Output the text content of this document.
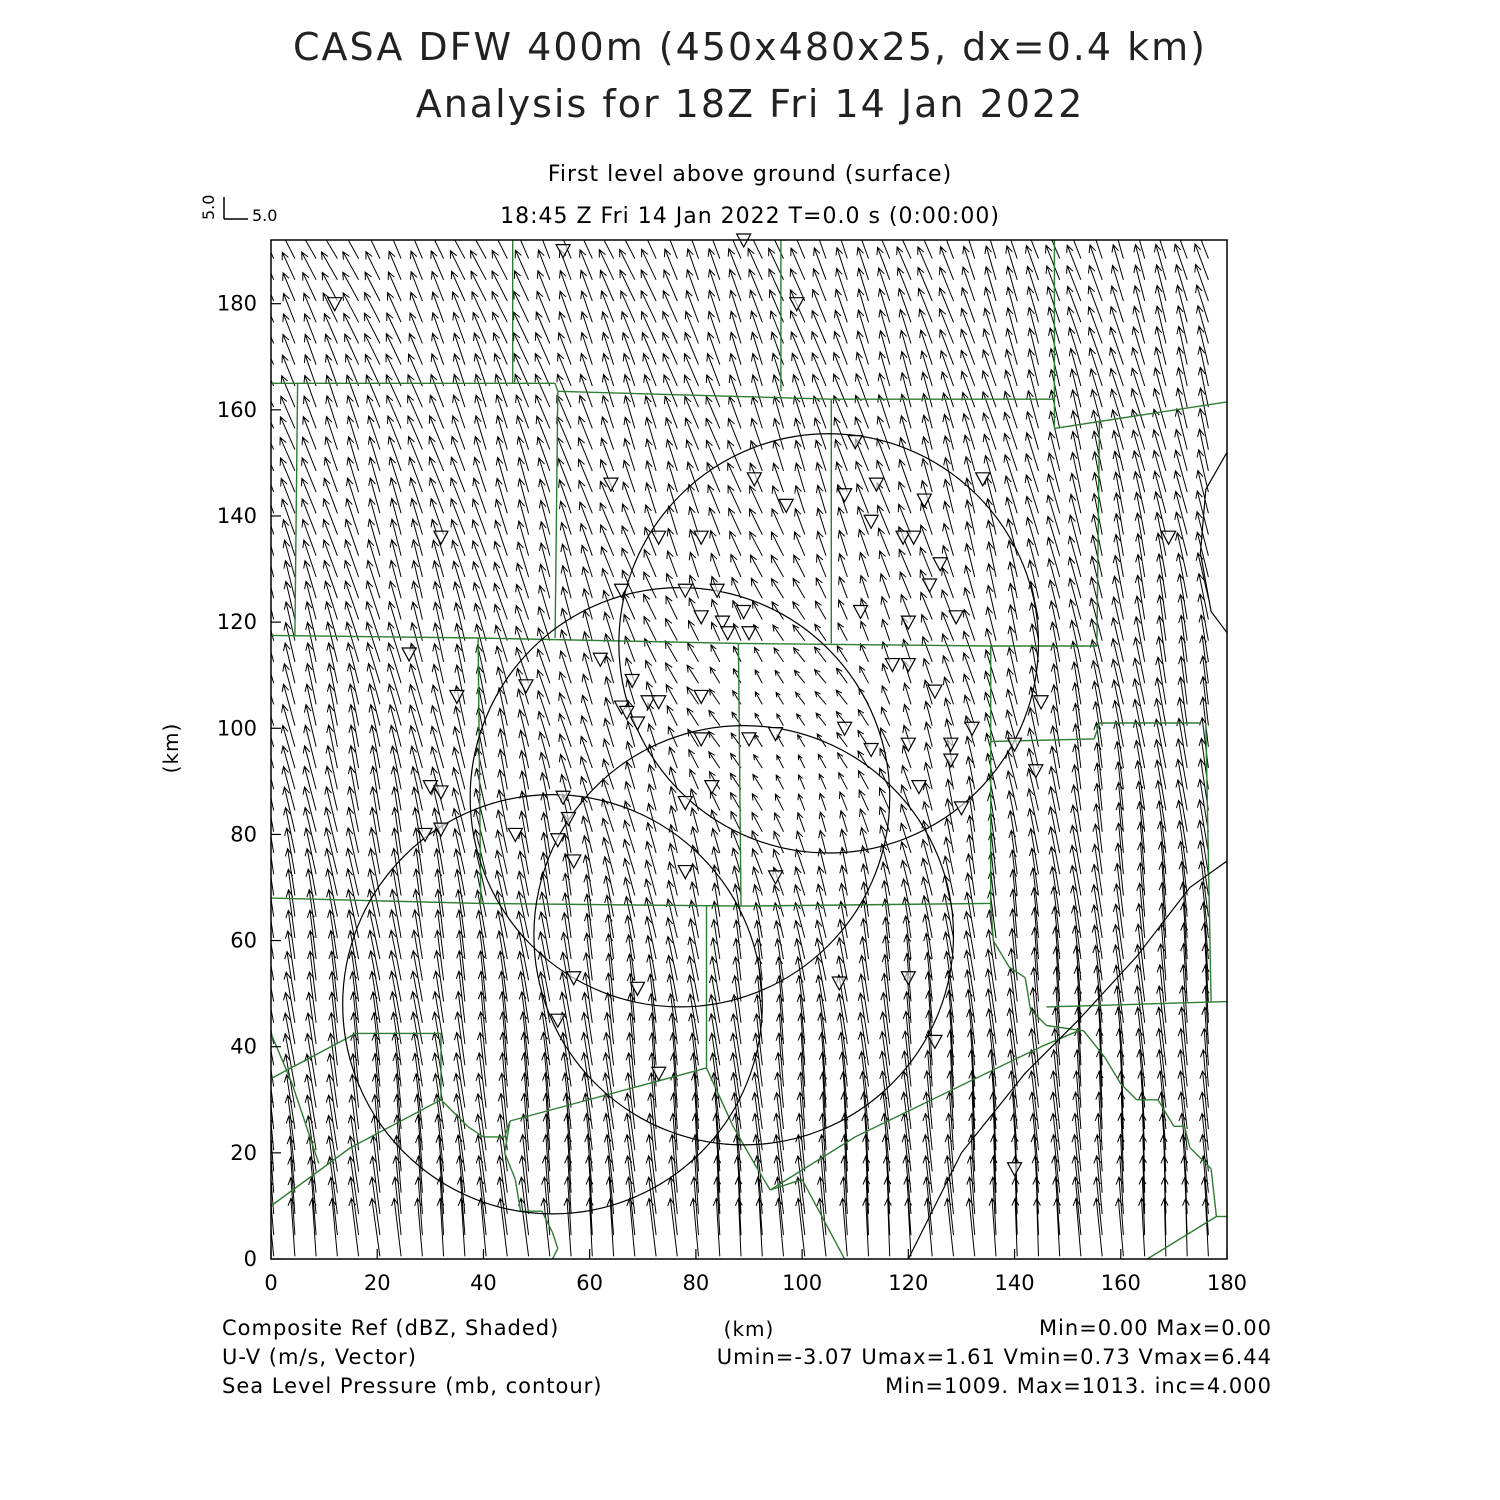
CASA DFW 400m (450x480x25, dx=0.4 km)
Analysis for 18Z Fri 14 Jan 2022
First level above ground (surface)
18:45 Z Fri 14 Jan 2022 T=0.0 s (0:00:00)
5.0
5.0
0	20	40	60	80	100	120	140	160	180
0
20
40
60
80
100
120
140
160
180
(km)
(km)
Composite Ref (dBZ, Shaded)
U-V (m/s, Vector)
Sea Level Pressure (mb, contour)
Min=0.00 Max=0.00
Umin=-3.07 Umax=1.61 Vmin=0.73 Vmax=6.44
Min=1009. Max=1013. inc=4.000
